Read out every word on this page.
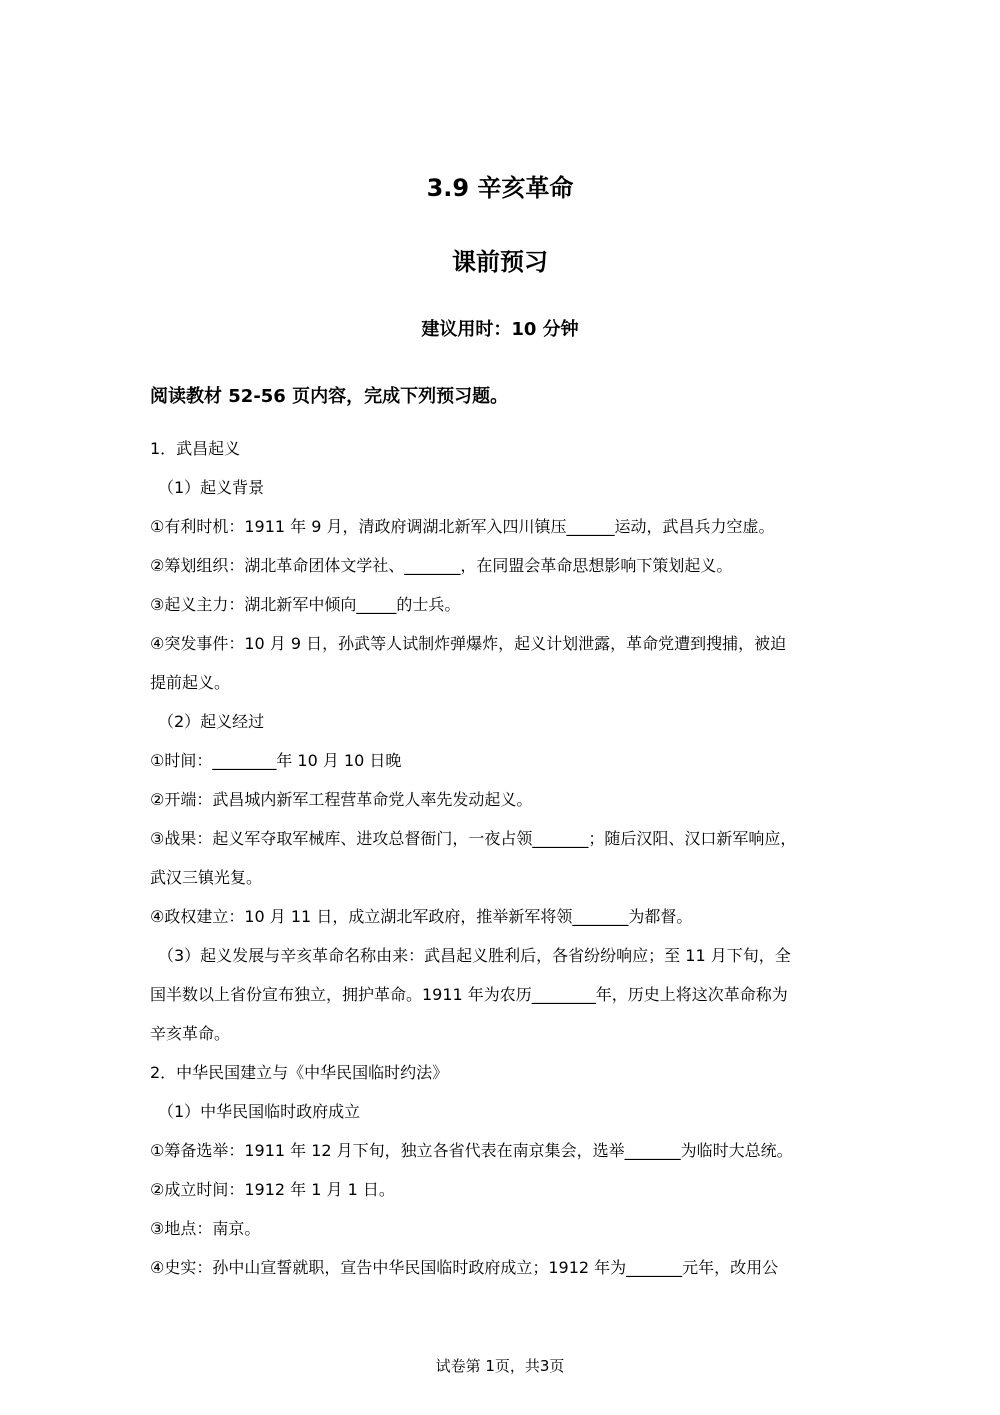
3.9 辛亥革命
课前预习
建议用时：10 分钟
阅读教材 52-56 页内容，完成下列预习题。
1．武昌起义
（1）起义背景
①有利时机：1911 年 9 月，清政府调湖北新军入四川镇压______运动，武昌兵力空虚。
②筹划组织：湖北革命团体文学社、_______，在同盟会革命思想影响下策划起义。
③起义主力：湖北新军中倾向_____的士兵。
④突发事件：10 月 9 日，孙武等人试制炸弹爆炸，起义计划泄露，革命党遭到搜捕，被迫
提前起义。
（2）起义经过
①时间：________年 10 月 10 日晚
②开端：武昌城内新军工程营革命党人率先发动起义。
③战果：起义军夺取军械库、进攻总督衙门，一夜占领_______；随后汉阳、汉口新军响应，
武汉三镇光复。
④政权建立：10 月 11 日，成立湖北军政府，推举新军将领_______为都督。
（3）起义发展与辛亥革命名称由来：武昌起义胜利后，各省纷纷响应；至 11 月下旬，全
国半数以上省份宣布独立，拥护革命。1911 年为农历________年，历史上将这次革命称为
辛亥革命。
2．中华民国建立与《中华民国临时约法》
（1）中华民国临时政府成立
①筹备选举：1911 年 12 月下旬，独立各省代表在南京集会，选举_______为临时大总统。
②成立时间：1912 年 1 月 1 日。
③地点：南京。
④史实：孙中山宣誓就职，宣告中华民国临时政府成立；1912 年为_______元年，改用公
试卷第 1页，共3页
